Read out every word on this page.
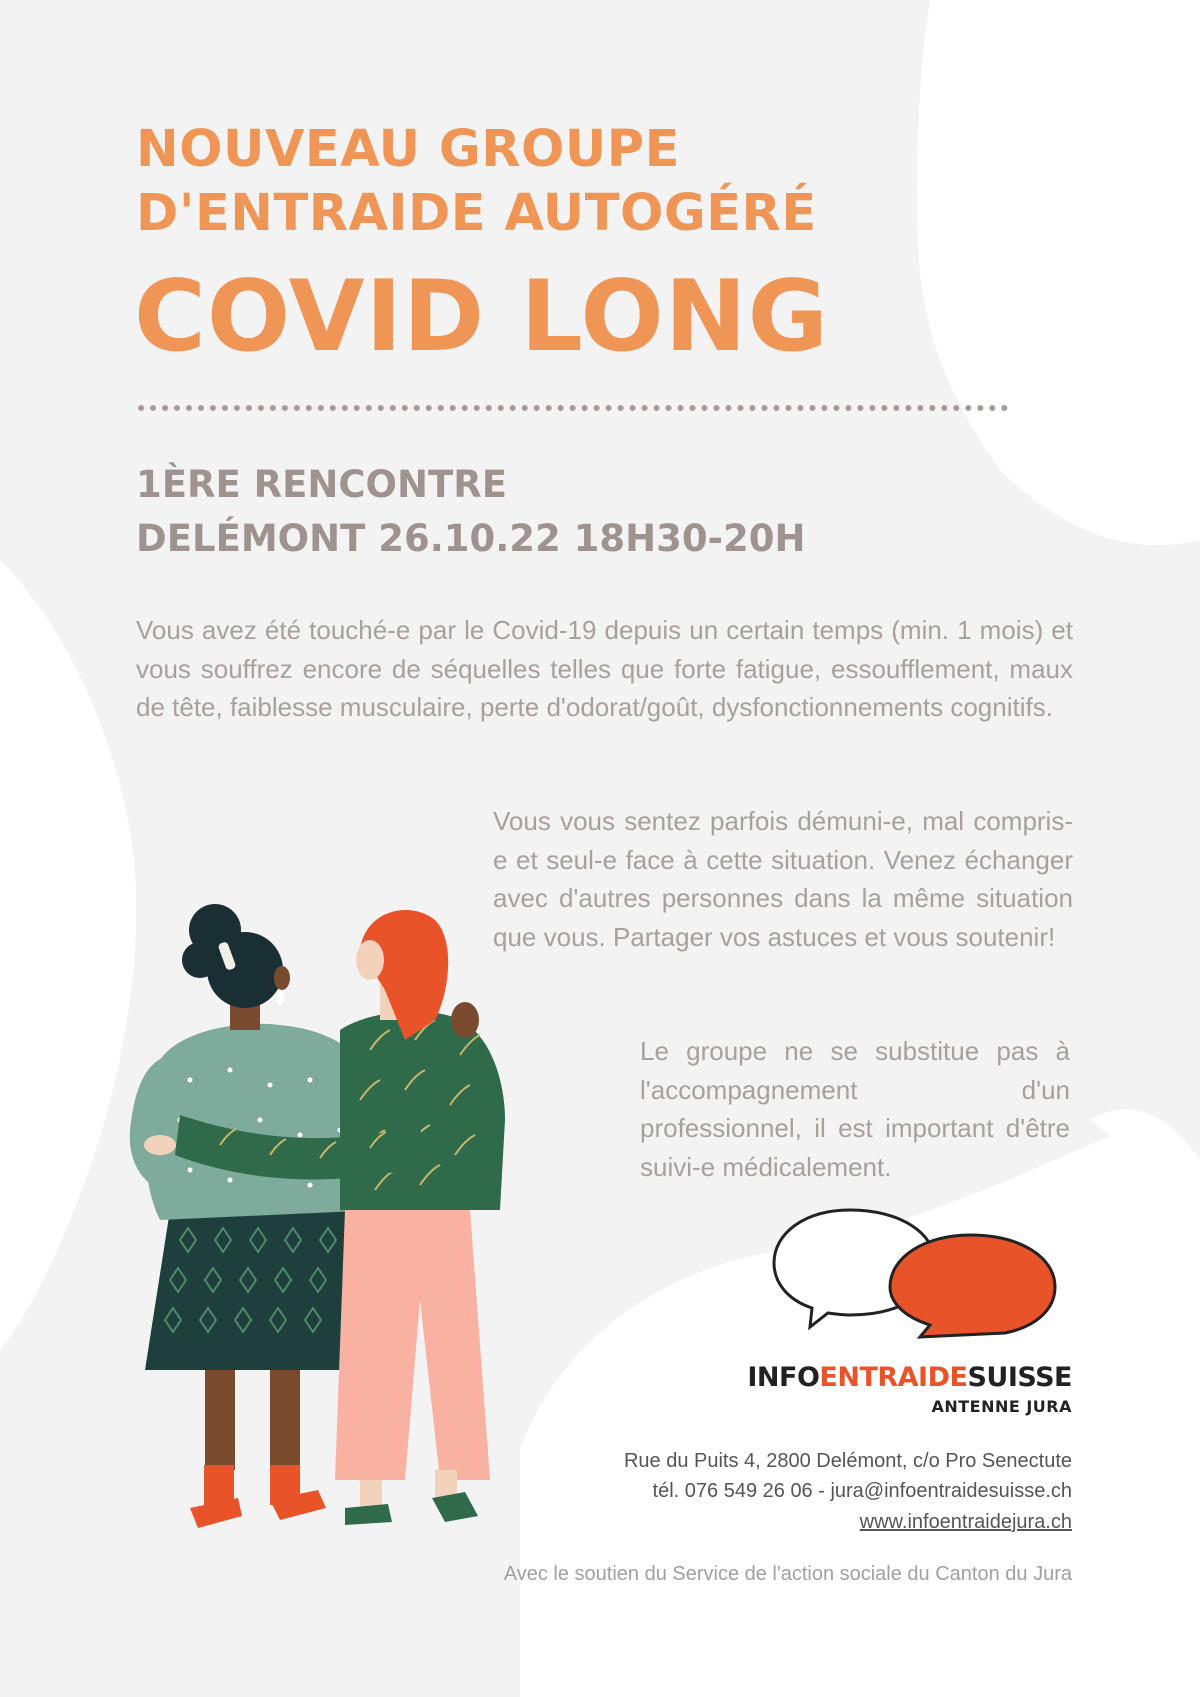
NOUVEAU GROUPE
D'ENTRAIDE AUTOGÉRÉ
COVID LONG
1ÈRE RENCONTRE
DELÉMONT 26.10.22 18H30-20H
Vous avez été touché-e par le Covid-19 depuis un certain temps (min. 1 mois) et vous souffrez encore de séquelles telles que forte fatigue, essoufflement, maux de tête, faiblesse musculaire, perte d'odorat/goût, dysfonctionnements cognitifs.
Vous vous sentez parfois démuni-e, mal compris-e et seul-e face à cette situation. Venez échanger avec d'autres personnes dans la même situation que vous. Partager vos astuces et vous soutenir!
Le groupe ne se substitue pas à l'accompagnement d'un professionnel, il est important d'être suivi-e médicalement.
INFOENTRAIDESUISSE
ANTENNE JURA
Rue du Puits 4, 2800 Delémont, c/o Pro Senectute
tél. 076 549 26 06 - jura@infoentraidesuisse.ch
www.infoentraidejura.ch
Avec le soutien du Service de l'action sociale du Canton du Jura
